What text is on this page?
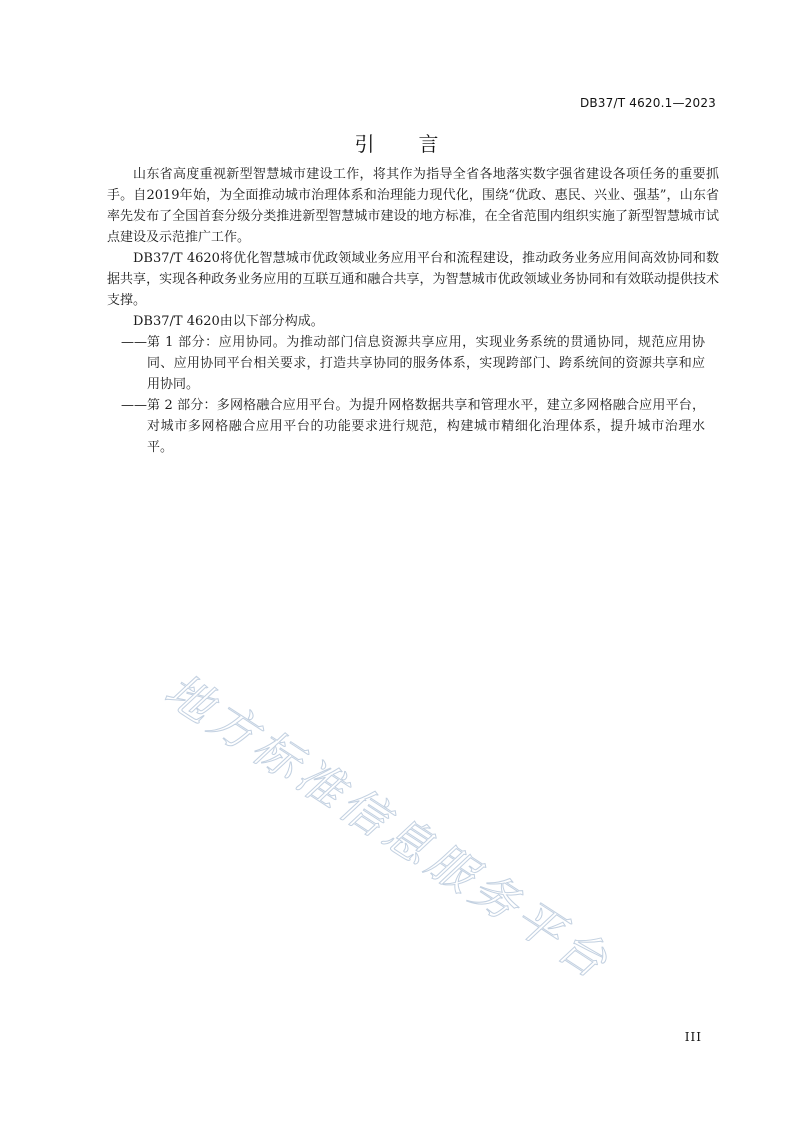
DB37/T 4620.1—2023
引 言

山东省高度重视新型智慧城市建设工作，将其作为指导全省各地落实数字强省建设各项任务的重要抓手。自2019年始，为全面推动城市治理体系和治理能力现代化，围绕“优政、惠民、兴业、强基”，山东省率先发布了全国首套分级分类推进新型智慧城市建设的地方标准，在全省范围内组织实施了新型智慧城市试点建设及示范推广工作。

DB37/T 4620将优化智慧城市优政领域业务应用平台和流程建设，推动政务业务应用间高效协同和数据共享，实现各种政务业务应用的互联互通和融合共享，为智慧城市优政领域业务协同和有效联动提供技术支撑。

DB37/T 4620由以下部分构成。

—— 第 1 部分：应用协同。为推动部门信息资源共享应用，实现业务系统的贯通协同，规范应用协同、应用协同平台相关要求，打造共享协同的服务体系，实现跨部门、跨系统间的资源共享和应用协同。
—— 第 2 部分：多网格融合应用平台。为提升网格数据共享和管理水平，建立多网格融合应用平台，对城市多网格融合应用平台的功能要求进行规范，构建城市精细化治理体系，提升城市治理水平。
地方标准信息服务平台
III
